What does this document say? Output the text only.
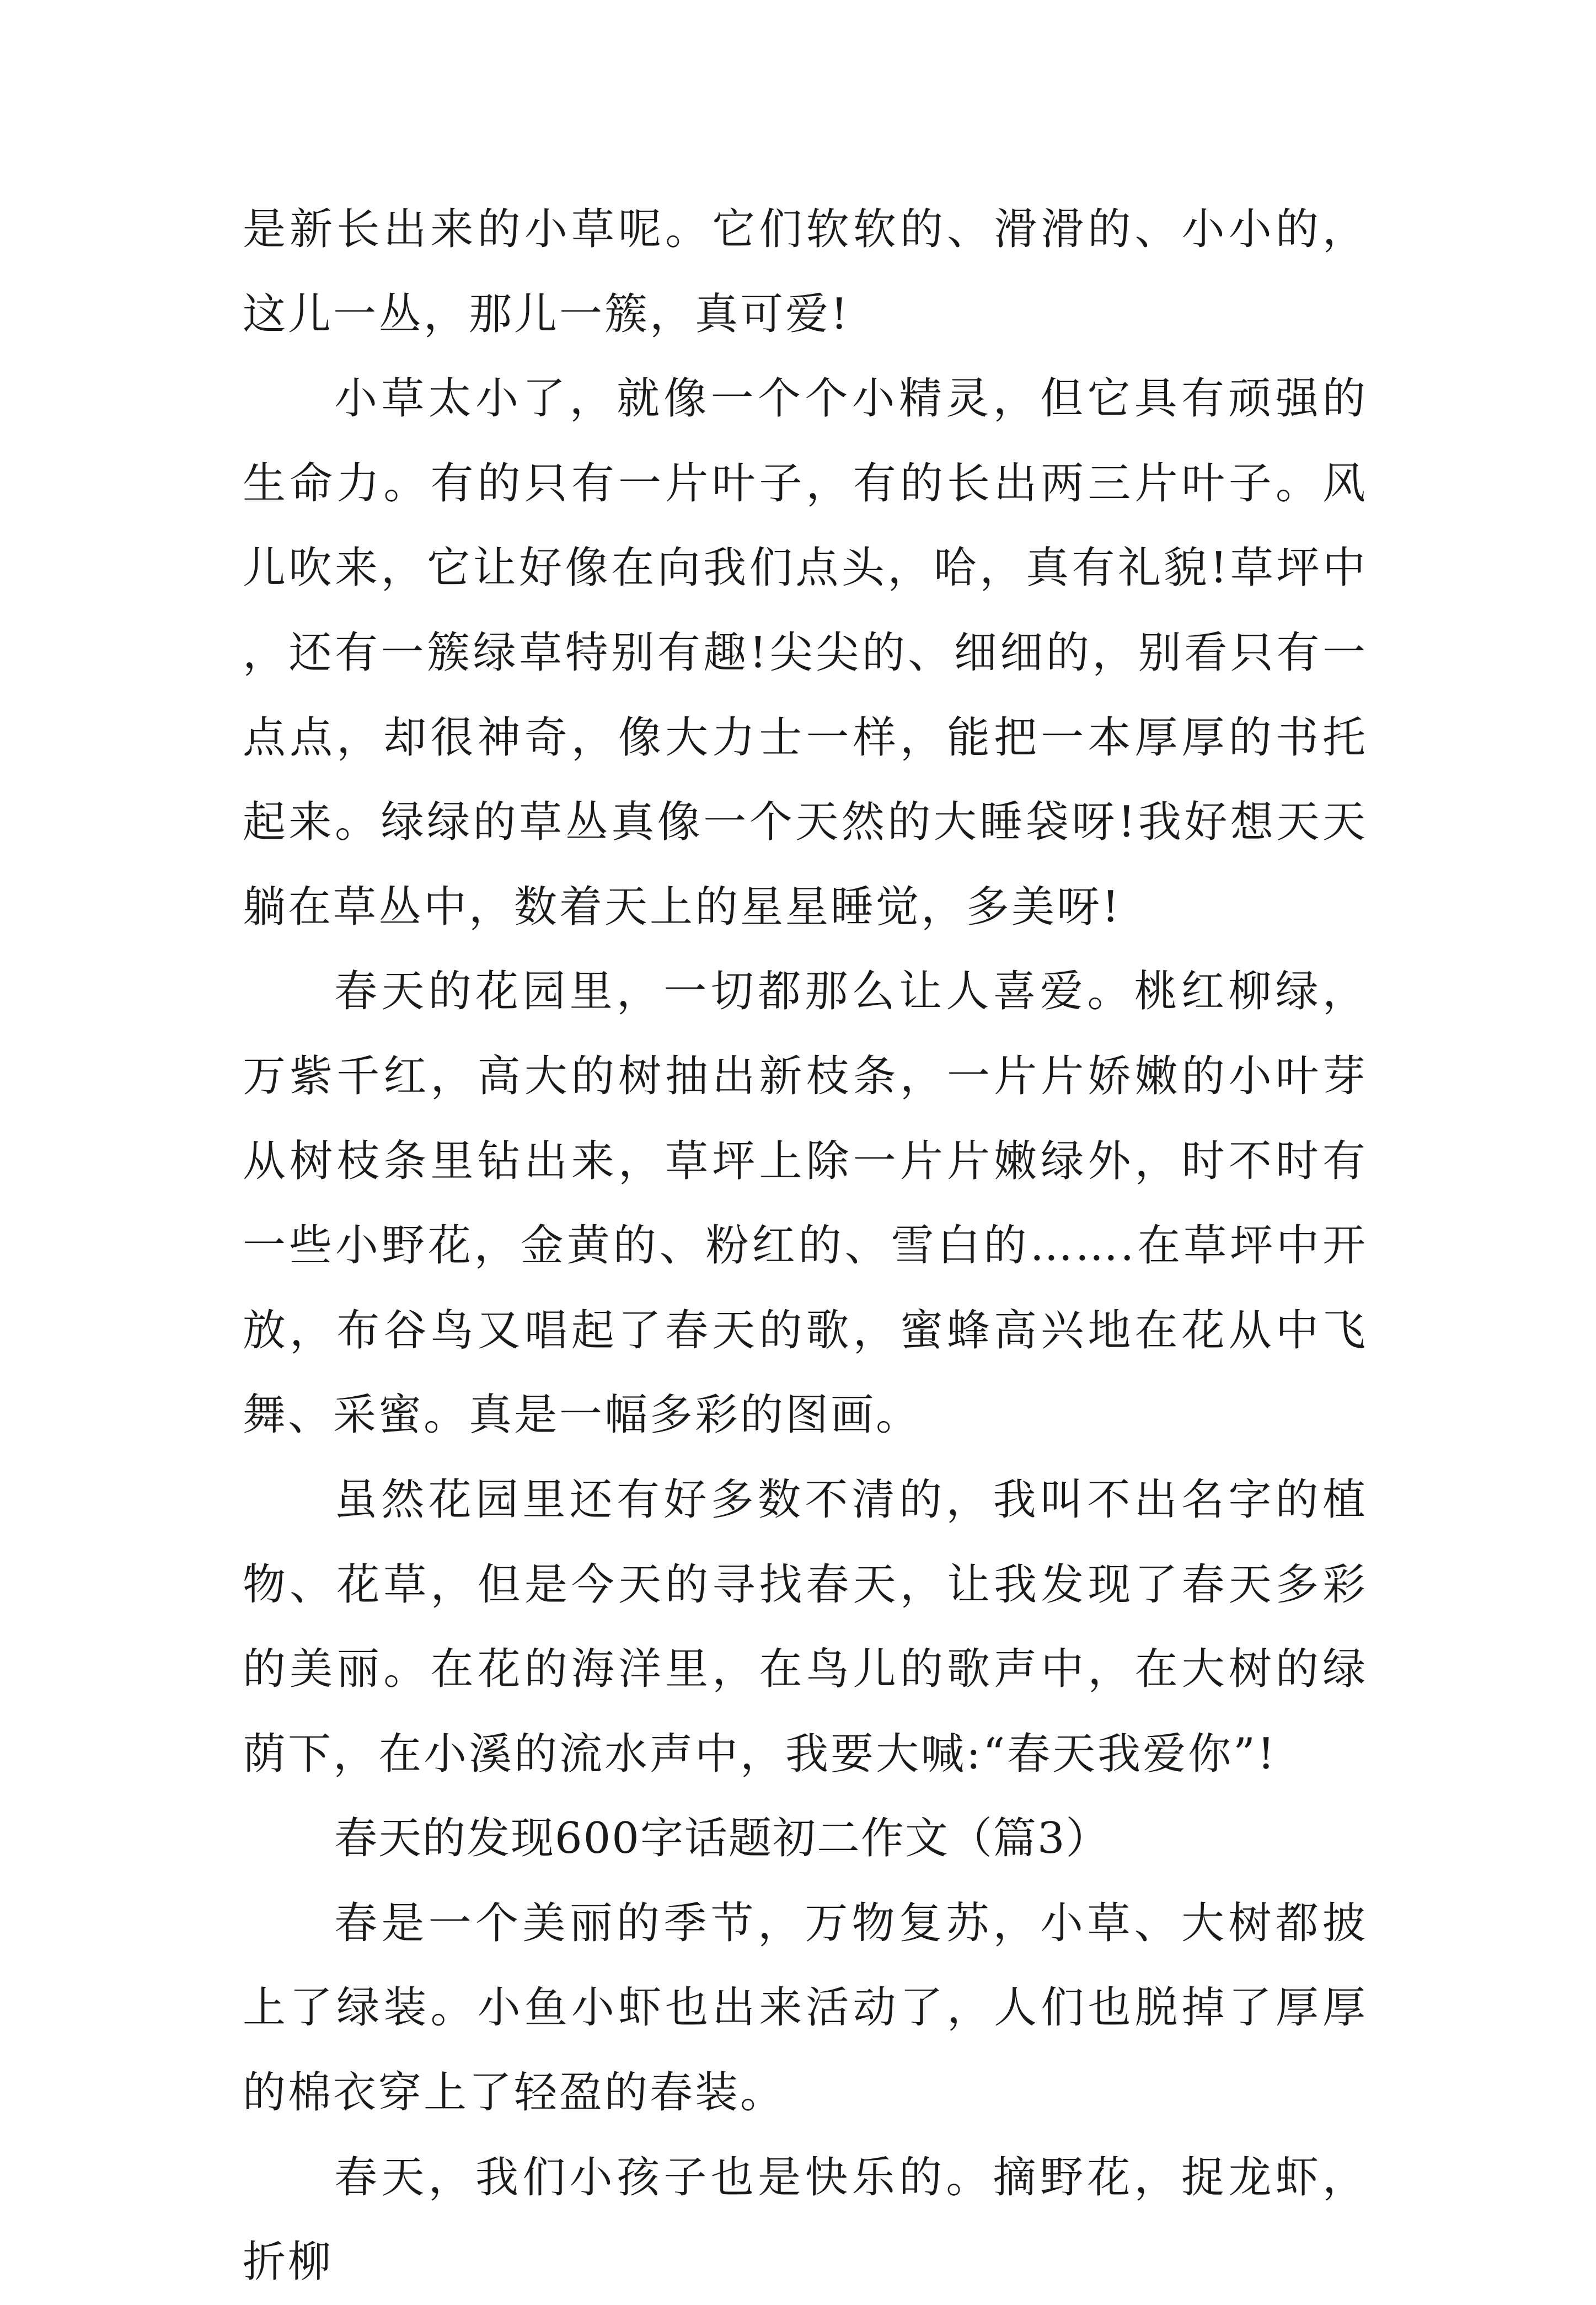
是新长出来的小草呢。它们软软的、滑滑的、小小的，这儿一丛，那儿一簇，真可爱!

小草太小了，就像一个个小精灵，但它具有顽强的生命力。有的只有一片叶子，有的长出两三片叶子。风儿吹来，它让好像在向我们点头，哈，真有礼貌!草坪中，还有一簇绿草特别有趣!尖尖的、细细的，别看只有一点点，却很神奇，像大力士一样，能把一本厚厚的书托起来。绿绿的草丛真像一个天然的大睡袋呀!我好想天天躺在草丛中，数着天上的星星睡觉，多美呀!

春天的花园里，一切都那么让人喜爱。桃红柳绿，万紫千红，高大的树抽出新枝条，一片片娇嫩的小叶芽从树枝条里钻出来，草坪上除一片片嫩绿外，时不时有一些小野花，金黄的、粉红的、雪白的…….在草坪中开放，布谷鸟又唱起了春天的歌，蜜蜂高兴地在花从中飞舞、采蜜。真是一幅多彩的图画。

虽然花园里还有好多数不清的，我叫不出名字的植物、花草，但是今天的寻找春天，让我发现了春天多彩的美丽。在花的海洋里，在鸟儿的歌声中，在大树的绿荫下，在小溪的流水声中，我要大喊:“春天我爱你”!

春天的发现600字话题初二作文（篇3）

春是一个美丽的季节，万物复苏，小草、大树都披上了绿装。小鱼小虾也出来活动了，人们也脱掉了厚厚的棉衣穿上了轻盈的春装。

春天，我们小孩子也是快乐的。摘野花，捉龙虾，折柳
